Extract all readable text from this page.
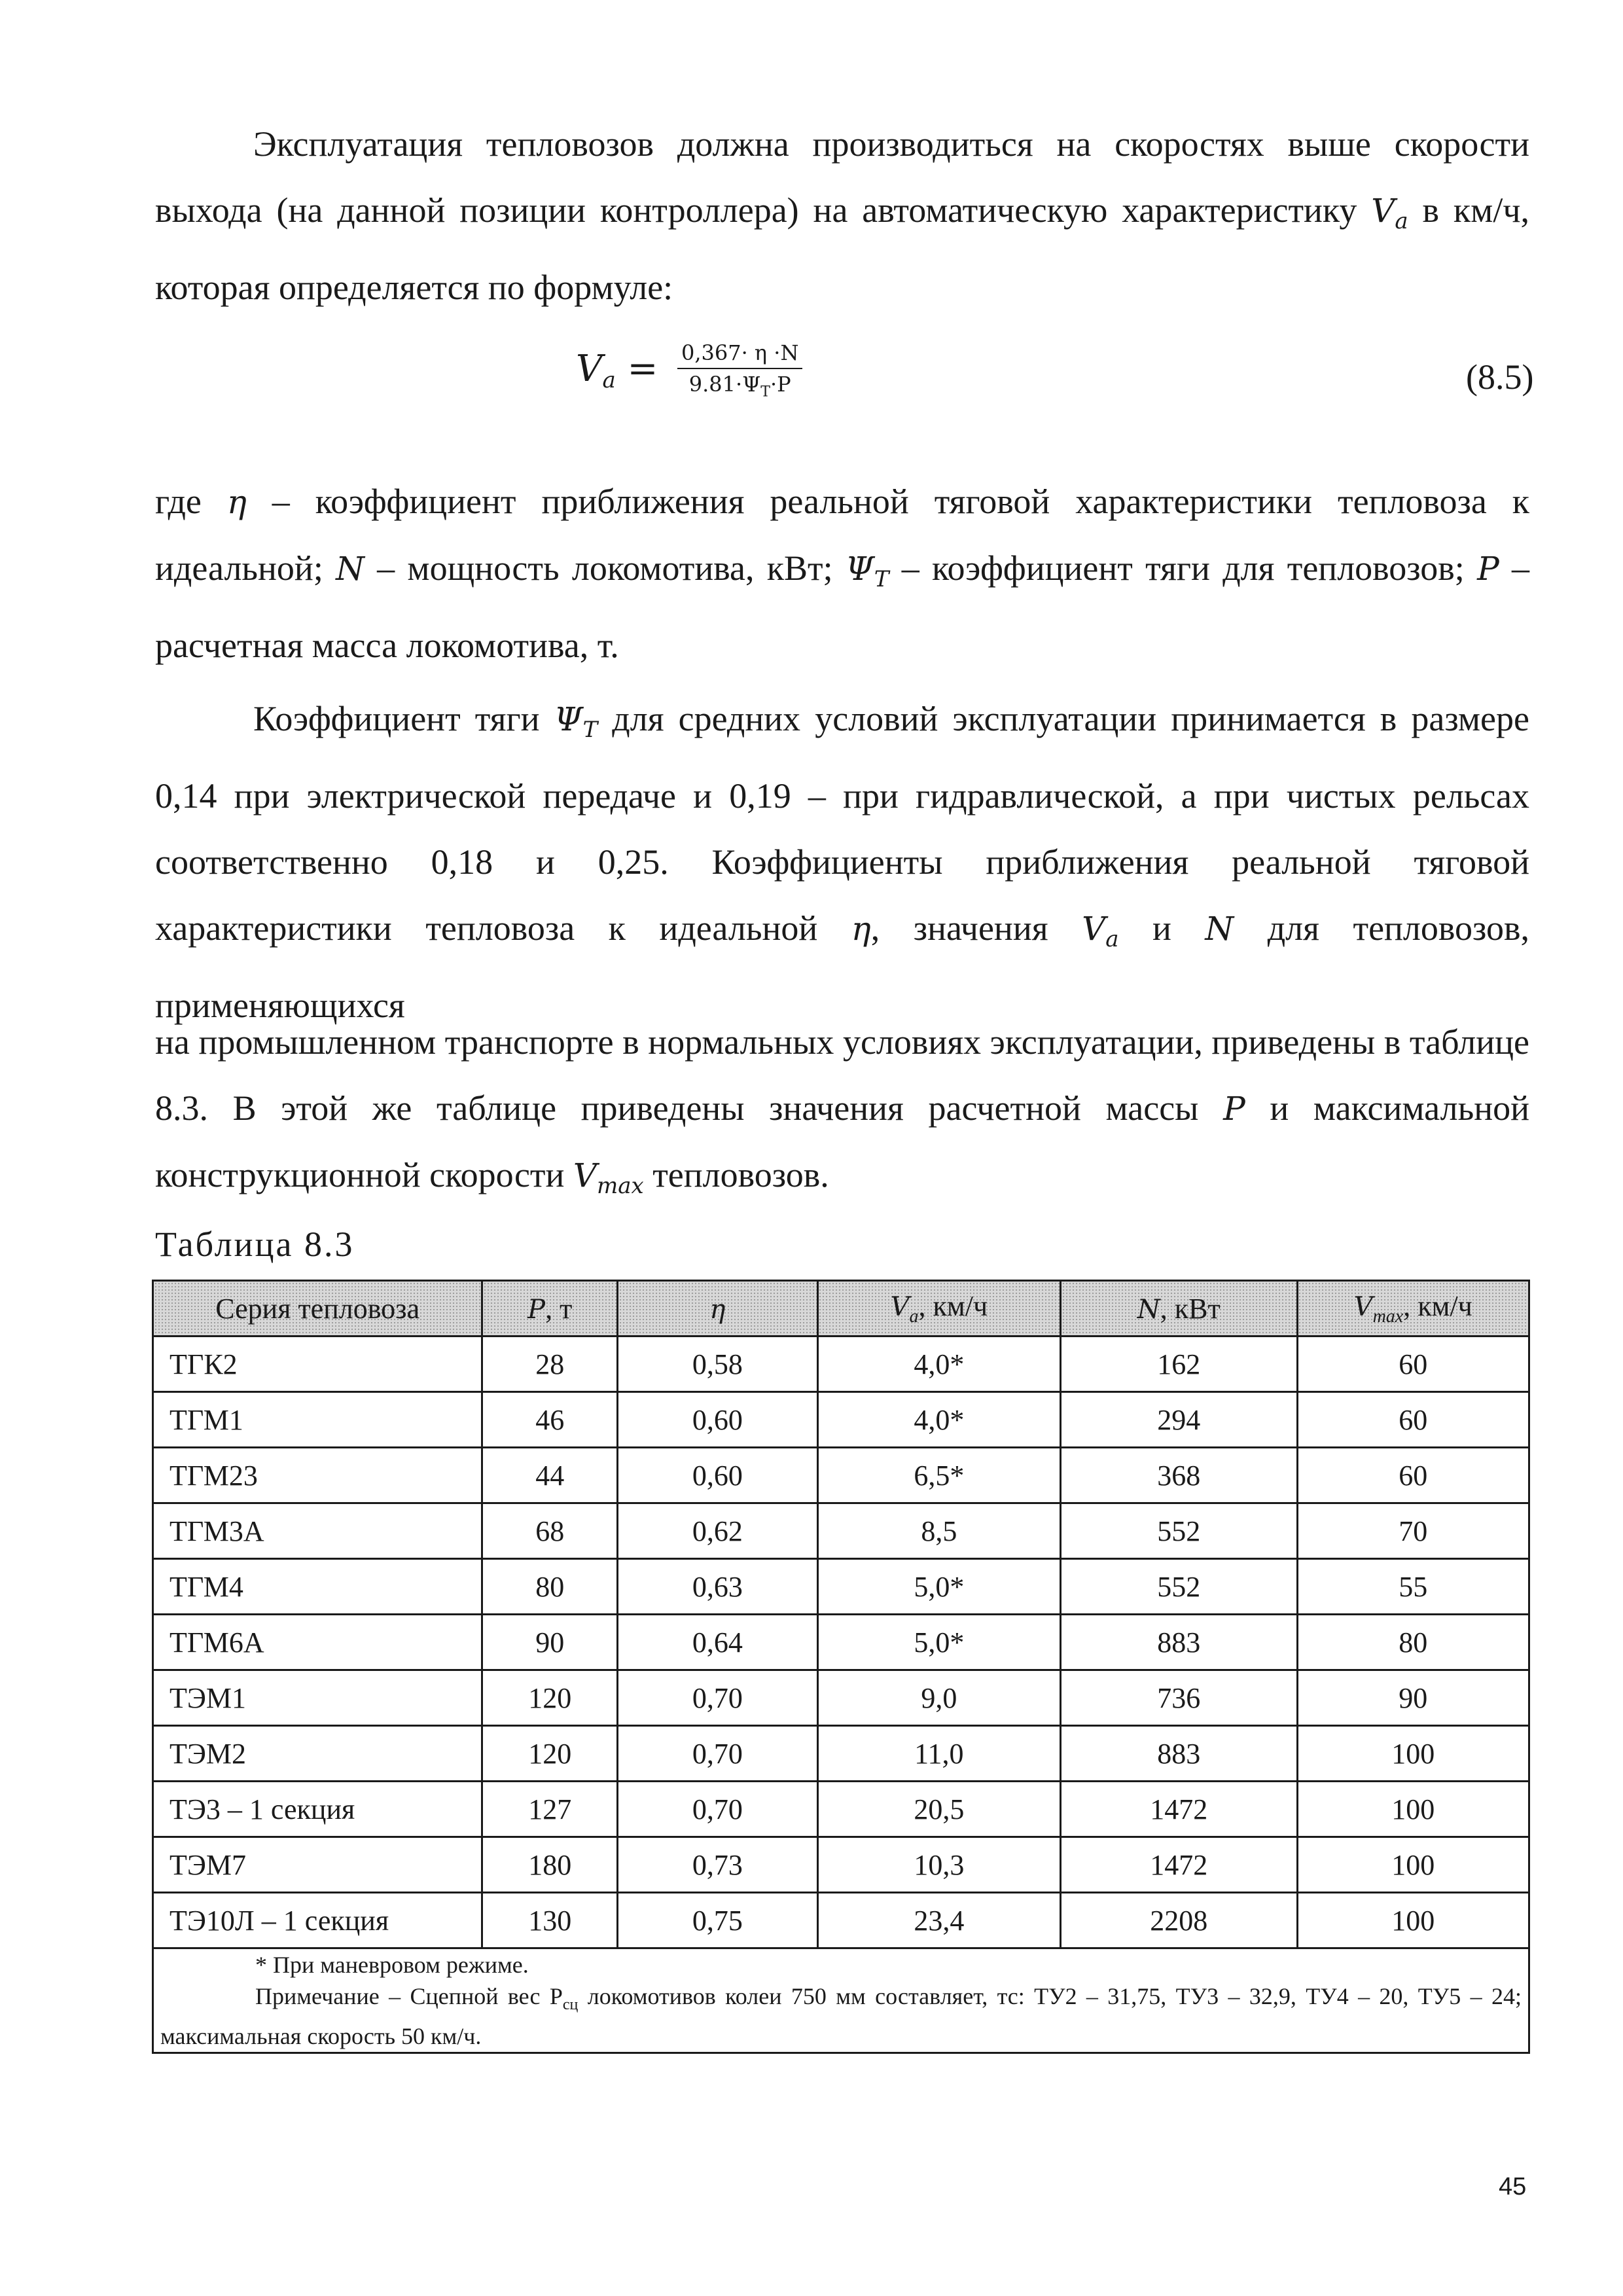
Эксплуатация тепловозов должна производиться на скоростях выше скорости выхода (на данной позиции контроллера) на автоматическую характеристику $V_a$ в км/ч, которая определяется по формуле:

$V_a = \frac{0,367\cdot \eta \cdot N}{9.81\cdot\Psi_T\cdot P}$	(8.5)

где η – коэффициент приближения реальной тяговой характеристики тепловоза к идеальной; N – мощность локомотива, кВт; $\Psi_T$ – коэффициент тяги для тепловозов; P – расчетная масса локомотива, т.

Коэффициент тяги $\Psi_T$ для средних условий эксплуатации принимается в размере 0,14 при электрической передаче и 0,19 – при гидравлической, а при чистых рельсах соответственно 0,18 и 0,25. Коэффициенты приближения реальной тяговой характеристики тепловоза к идеальной η, значения $V_a$ и N для тепловозов, применяющихся

на промышленном транспорте в нормальных условиях эксплуатации, приведены в таблице 8.3. В этой же таблице приведены значения расчетной массы P и максимальной конструкционной скорости $V_{max}$ тепловозов.

Таблица 8.3
Серия тепловоза	P, т	η	$V_a$, км/ч	N, кВт	$V_{max}$, км/ч
ТГК2	28	0,58	4,0*	162	60
ТГМ1	46	0,60	4,0*	294	60
ТГМ23	44	0,60	6,5*	368	60
ТГМ3А	68	0,62	8,5	552	70
ТГМ4	80	0,63	5,0*	552	55
ТГМ6А	90	0,64	5,0*	883	80
ТЭМ1	120	0,70	9,0	736	90
ТЭМ2	120	0,70	11,0	883	100
ТЭ3 – 1 секция	127	0,70	20,5	1472	100
ТЭМ7	180	0,73	10,3	1472	100
ТЭ10Л – 1 секция	130	0,75	23,4	2208	100

* При маневровом режиме.
Примечание – Сцепной вес $Р_{сц}$ локомотивов колеи 750 мм составляет, тс: ТУ2 – 31,75, ТУ3 – 32,9, ТУ4 – 20, ТУ5 – 24; максимальная скорость 50 км/ч.					
45
